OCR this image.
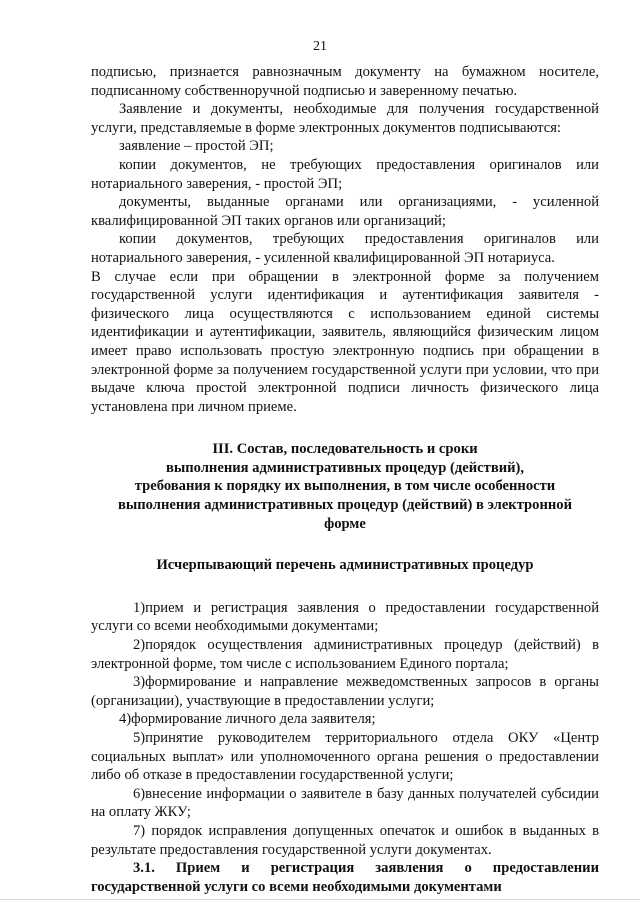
21

подписью, признается равнозначным документу на бумажном носителе, подписанному собственноручной подписью и заверенному печатью.

Заявление и документы, необходимые для получения государственной услуги, представляемые в форме электронных документов подписываются:

заявление – простой ЭП;

копии документов, не требующих предоставления оригиналов или нотариального заверения, - простой ЭП;

документы, выданные органами или организациями, - усиленной квалифицированной ЭП таких органов или организаций;

копии документов, требующих предоставления оригиналов или нотариального заверения, - усиленной квалифицированной ЭП нотариуса.

В случае если при обращении в электронной форме за получением государственной услуги идентификация и аутентификация заявителя - физического лица осуществляются с использованием единой системы идентификации и аутентификации, заявитель, являющийся физическим лицом имеет право использовать простую электронную подпись при обращении в электронной форме за получением государственной услуги при условии, что при выдаче ключа простой электронной подписи личность физического лица установлена при личном приеме.

III. Состав, последовательность и сроки
выполнения административных процедур (действий),
требования к порядку их выполнения, в том числе особенности
выполнения административных процедур (действий) в электронной
форме
Исчерпывающий перечень административных процедур

1)прием и регистрация заявления о предоставлении государственной услуги со всеми необходимыми документами;

2)порядок осуществления административных процедур (действий) в электронной форме, том числе с использованием Единого портала;

3)формирование и направление межведомственных запросов в органы (организации), участвующие в предоставлении услуги;

4)формирование личного дела заявителя;

5)принятие руководителем территориального отдела ОКУ «Центр социальных выплат» или уполномоченного органа решения о предоставлении либо об отказе в предоставлении государственной услуги;

6)внесение информации о заявителе в базу данных получателей субсидии на оплату ЖКУ;

7) порядок исправления допущенных опечаток и ошибок в выданных в результате предоставления государственной услуги документах.

3.1. Прием и регистрация заявления о предоставлении государственной услуги со всеми необходимыми документами
